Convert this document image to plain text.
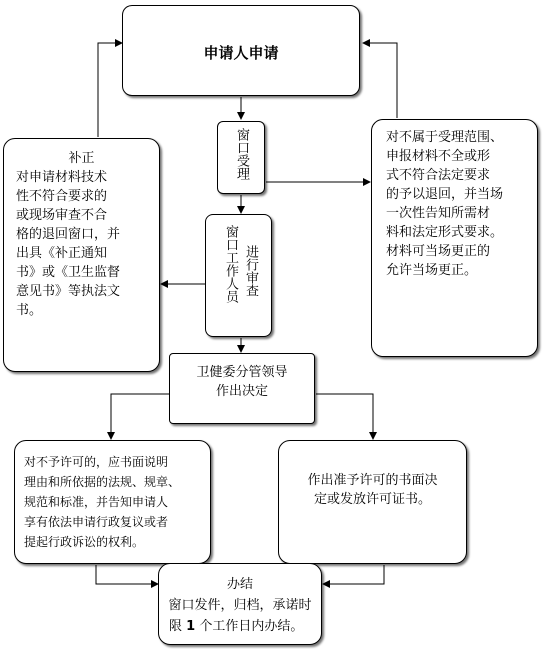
申请人申请
窗口受理
进行审查
窗口工作人员
卫健委分管领导
作出决定
补正
对申请材料技术
性不符合要求的
或现场审查不合
格的退回窗口，并
出具《补正通知
书》或《卫生监督
意见书》等执法文
书。
对不属于受理范围、
申报材料不全或形
式不符合法定要求
的予以退回，并当场
一次性告知所需材
料和法定形式要求。
材料可当场更正的
允许当场更正。
对不予许可的，应书面说明
理由和所依据的法规、规章、
规范和标准，并告知申请人
享有依法申请行政复议或者
提起行政诉讼的权利。
作出准予许可的书面决
定或发放许可证书。
办结
窗口发件，归档，承诺时
限 1 个工作日内办结。
